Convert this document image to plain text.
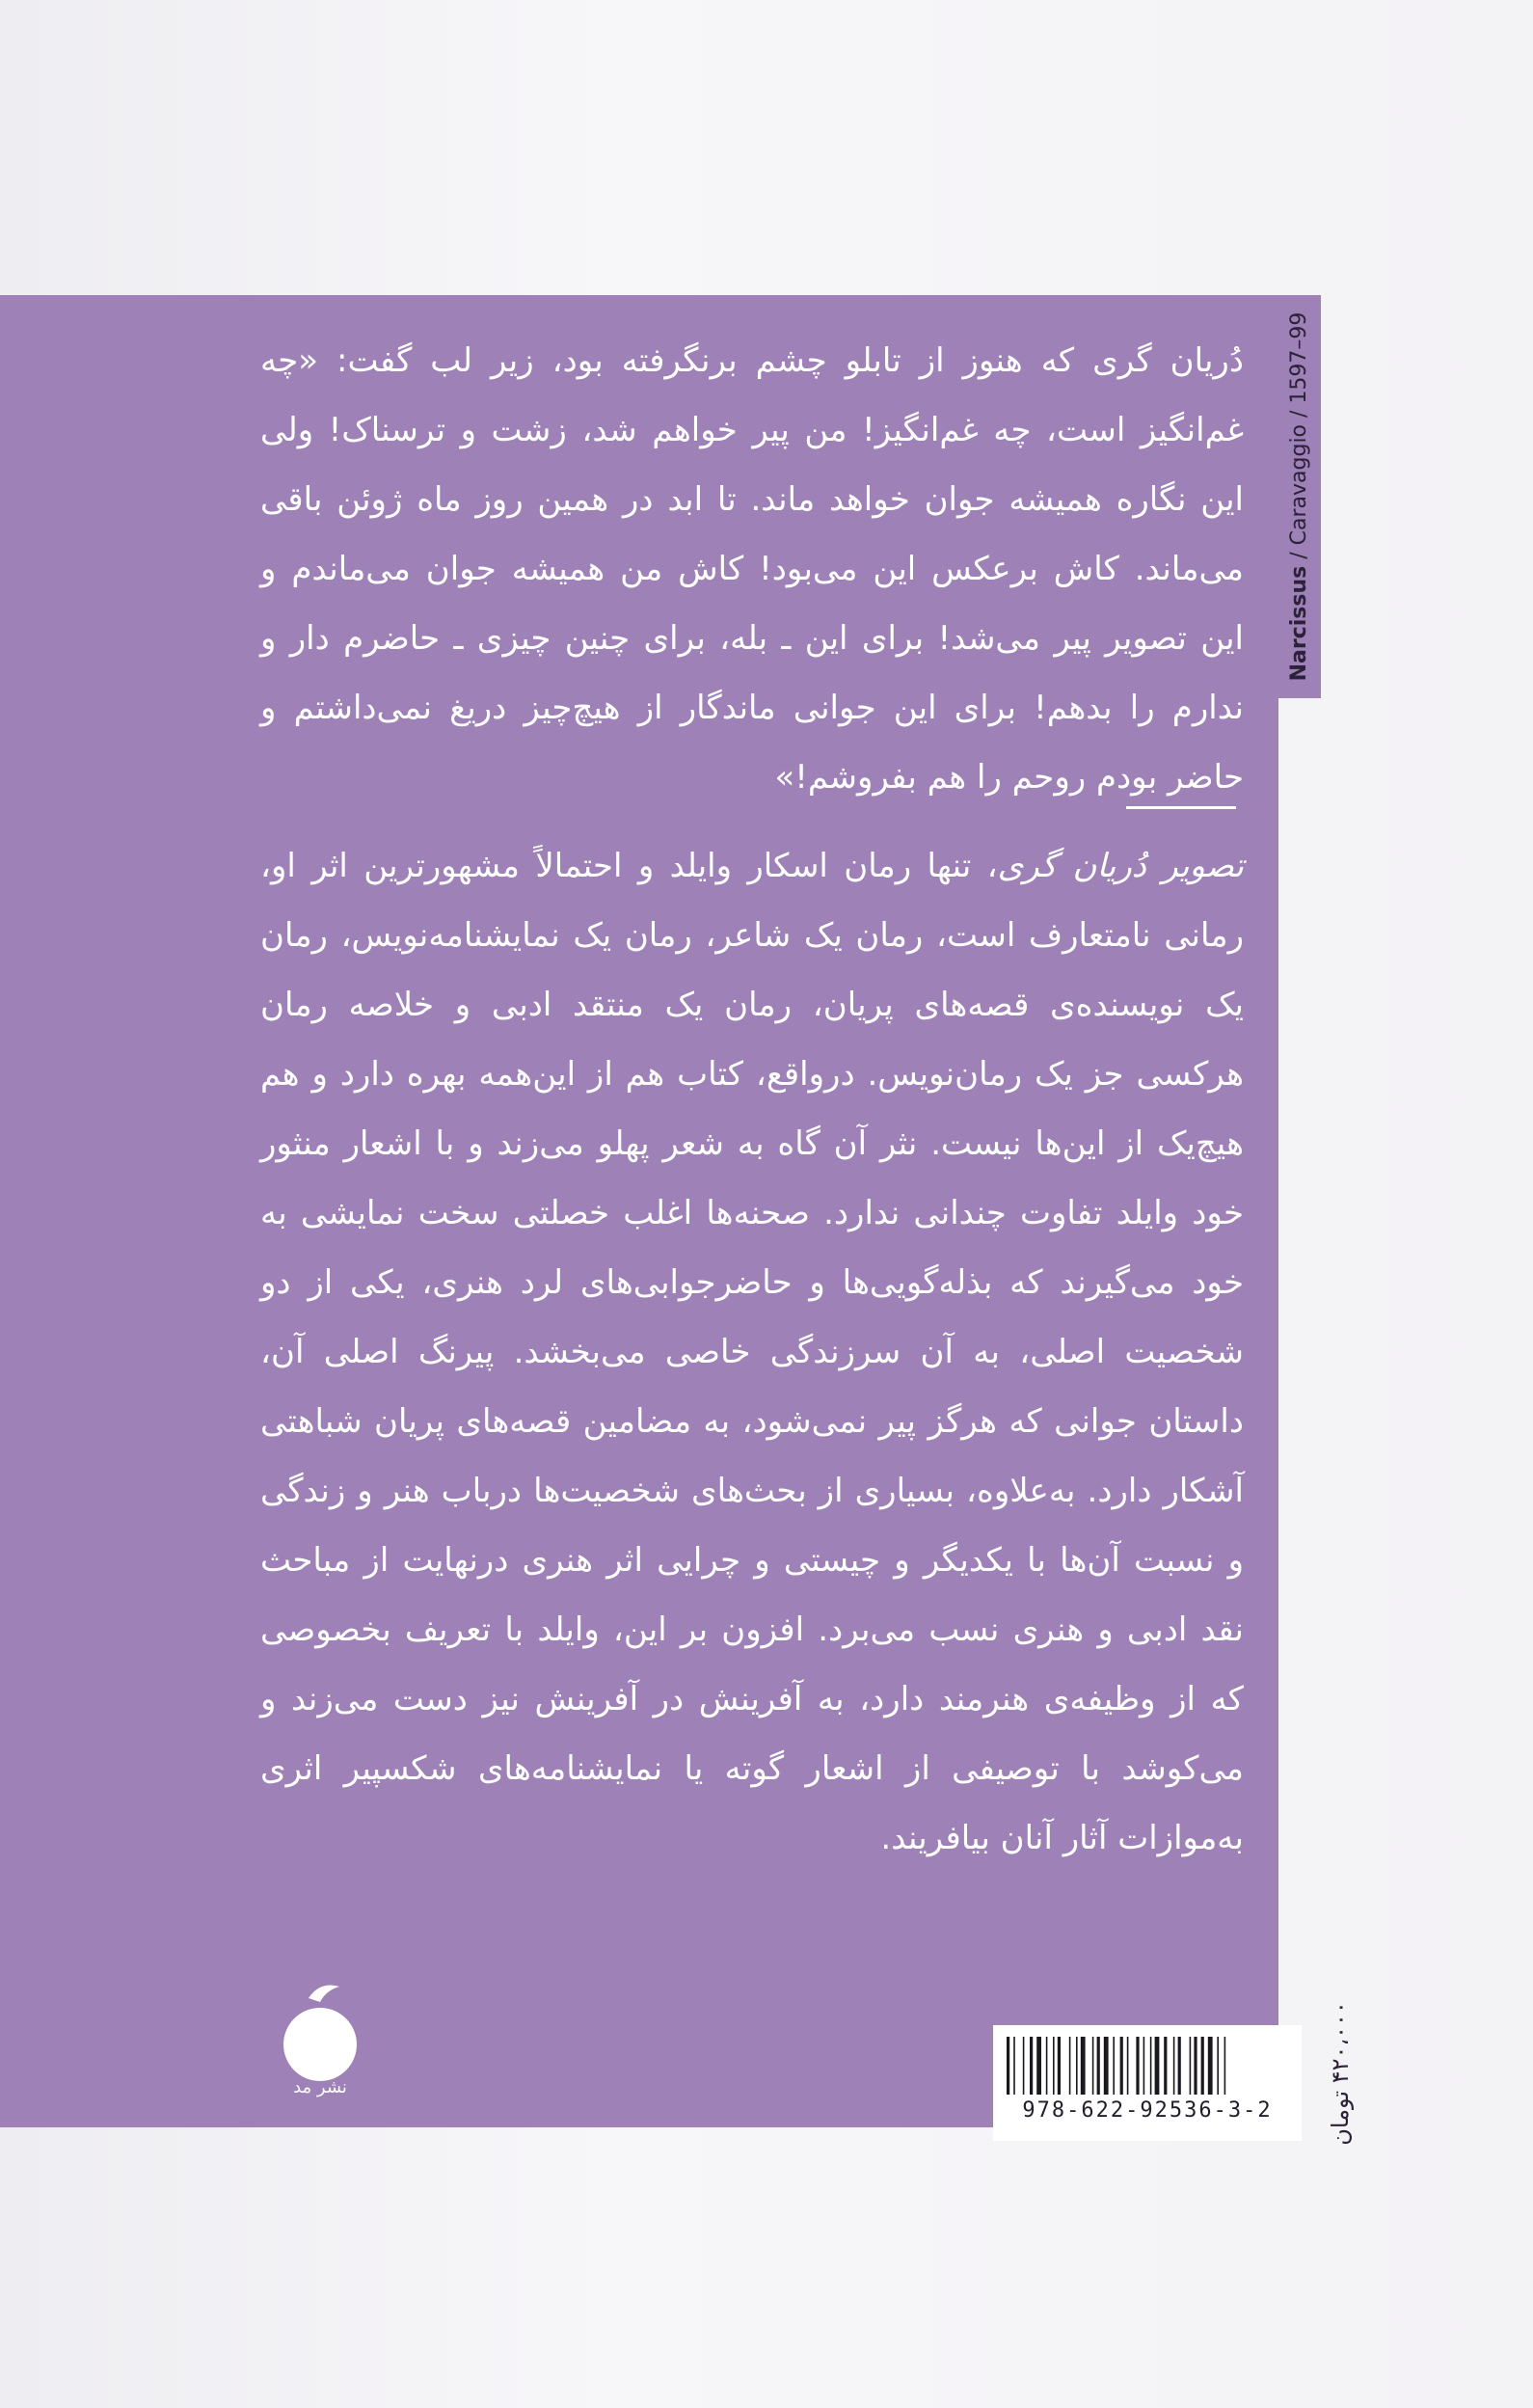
Narcissus / Caravaggio / 1597–99
دُریان گری که هنوز از تابلو چشم برنگرفته بود، زیر لب گفت: «چه غم‌انگیز است، چه غم‌انگیز! من پیر خواهم شد، زشت و ترسناک! ولی این نگاره همیشه جوان خواهد ماند. تا ابد در همین روز ماه ژوئن باقی می‌ماند. کاش برعکس این می‌بود! کاش من همیشه جوان می‌ماندم و این تصویر پیر می‌شد! برای این ـ بله، برای چنین چیزی ـ حاضرم دار و ندارم را بدهم! برای این جوانی ماندگار از هیچ‌چیز دریغ نمی‌داشتم و حاضر بودم روحم را هم بفروشم!»
تصویر دُریان گری، تنها رمان اسکار وایلد و احتمالاً مشهورترین اثر او، رمانی نامتعارف است، رمان یک شاعر، رمان یک نمایشنامه‌نویس، رمان یک نویسنده‌ی قصه‌های پریان، رمان یک منتقد ادبی و خلاصه رمان هرکسی جز یک رمان‌نویس. درواقع، کتاب هم از این‌همه بهره دارد و هم هیچ‌یک از این‌ها نیست. نثر آن گاه به شعر پهلو می‌زند و با اشعار منثور خود وایلد تفاوت چندانی ندارد. صحنه‌ها اغلب خصلتی سخت نمایشی به خود می‌گیرند که بذله‌گویی‌ها و حاضرجوابی‌های لرد هنری، یکی از دو شخصیت اصلی، به آن سرزندگی خاصی می‌بخشد. پیرنگ اصلی آن، داستان جوانی که هرگز پیر نمی‌شود، به مضامین قصه‌های پریان شباهتی آشکار دارد. به‌علاوه، بسیاری از بحث‌های شخصیت‌ها درباب هنر و زندگی و نسبت آن‌ها با یکدیگر و چیستی و چرایی اثر هنری درنهایت از مباحث نقد ادبی و هنری نسب می‌برد. افزون بر این، وایلد با تعریف بخصوصی که از وظیفه‌ی هنرمند دارد، به آفرینش در آفرینش نیز دست می‌زند و می‌کوشد با توصیفی از اشعار گوته یا نمایشنامه‌های شکسپیر اثری به‌موازات آثار آنان بیافریند.
نشر مد
978-622-92536-3-2	۴۲۰،۰۰۰ تومان
